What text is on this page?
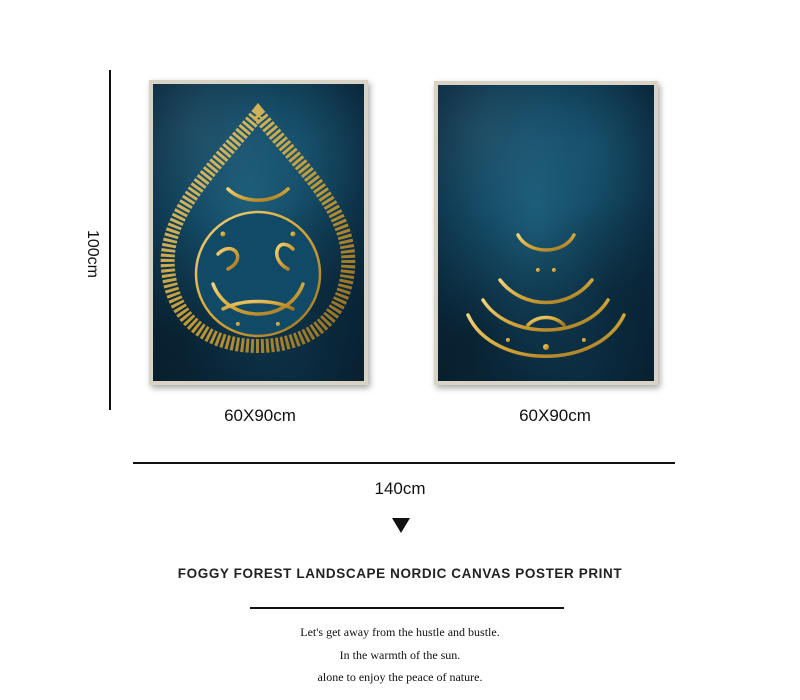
100cm
60X90cm	60X90cm
140cm
FOGGY FOREST LANDSCAPE NORDIC CANVAS POSTER PRINT
Let's get away from the hustle and bustle.
In the warmth of the sun.
alone to enjoy the peace of nature.
